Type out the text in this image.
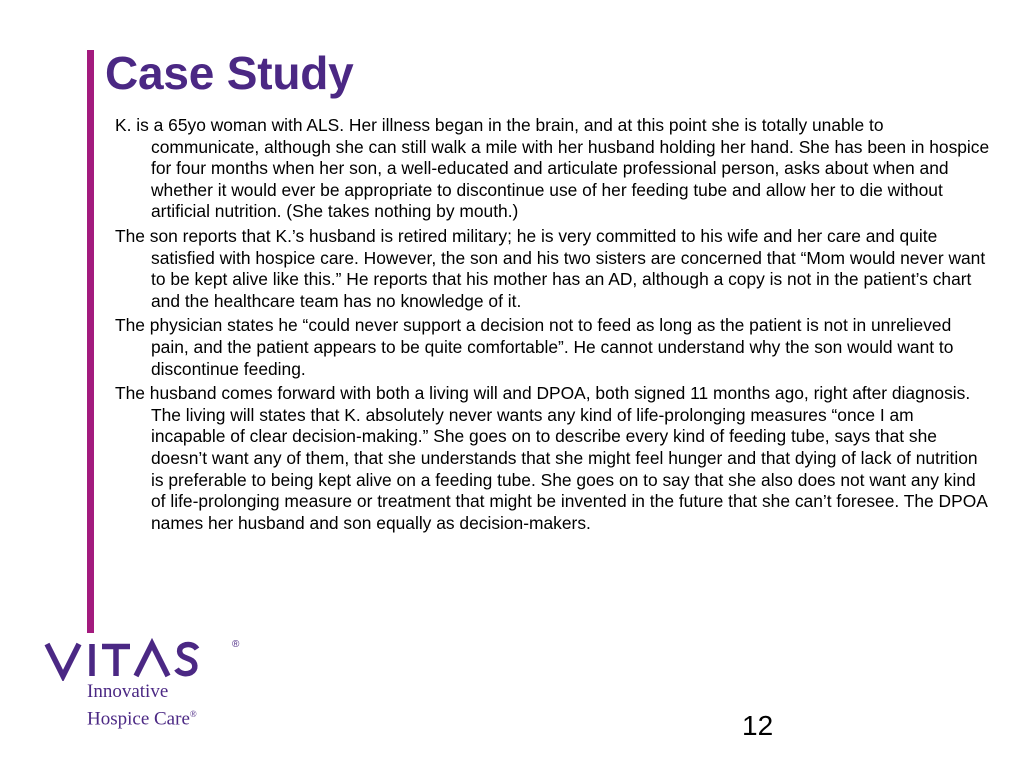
Case Study

K. is a 65yo woman with ALS. Her illness began in the brain, and at this point she is totally unable to communicate, although she can still walk a mile with her husband holding her hand. She has been in hospice for four months when her son, a well-educated and articulate professional person, asks about when and whether it would ever be appropriate to discontinue use of her feeding tube and allow her to die without artificial nutrition. (She takes nothing by mouth.)

The son reports that K.’s husband is retired military; he is very committed to his wife and her care and quite satisfied with hospice care. However, the son and his two sisters are concerned that “Mom would never want to be kept alive like this.” He reports that his mother has an AD, although a copy is not in the patient’s chart and the healthcare team has no knowledge of it.

The physician states he “could never support a decision not to feed as long as the patient is not in unrelieved pain, and the patient appears to be quite comfortable”. He cannot understand why the son would want to discontinue feeding.

The husband comes forward with both a living will and DPOA, both signed 11 months ago, right after diagnosis. The living will states that K. absolutely never wants any kind of life-prolonging measures “once I am incapable of clear decision-making.” She goes on to describe every kind of feeding tube, says that she doesn’t want any of them, that she understands that she might feel hunger and that dying of lack of nutrition is preferable to being kept alive on a feeding tube. She goes on to say that she also does not want any kind of life-prolonging measure or treatment that might be invented in the future that she can’t foresee. The DPOA names her husband and son equally as decision-makers.

®
Innovative
Hospice Care®	12
